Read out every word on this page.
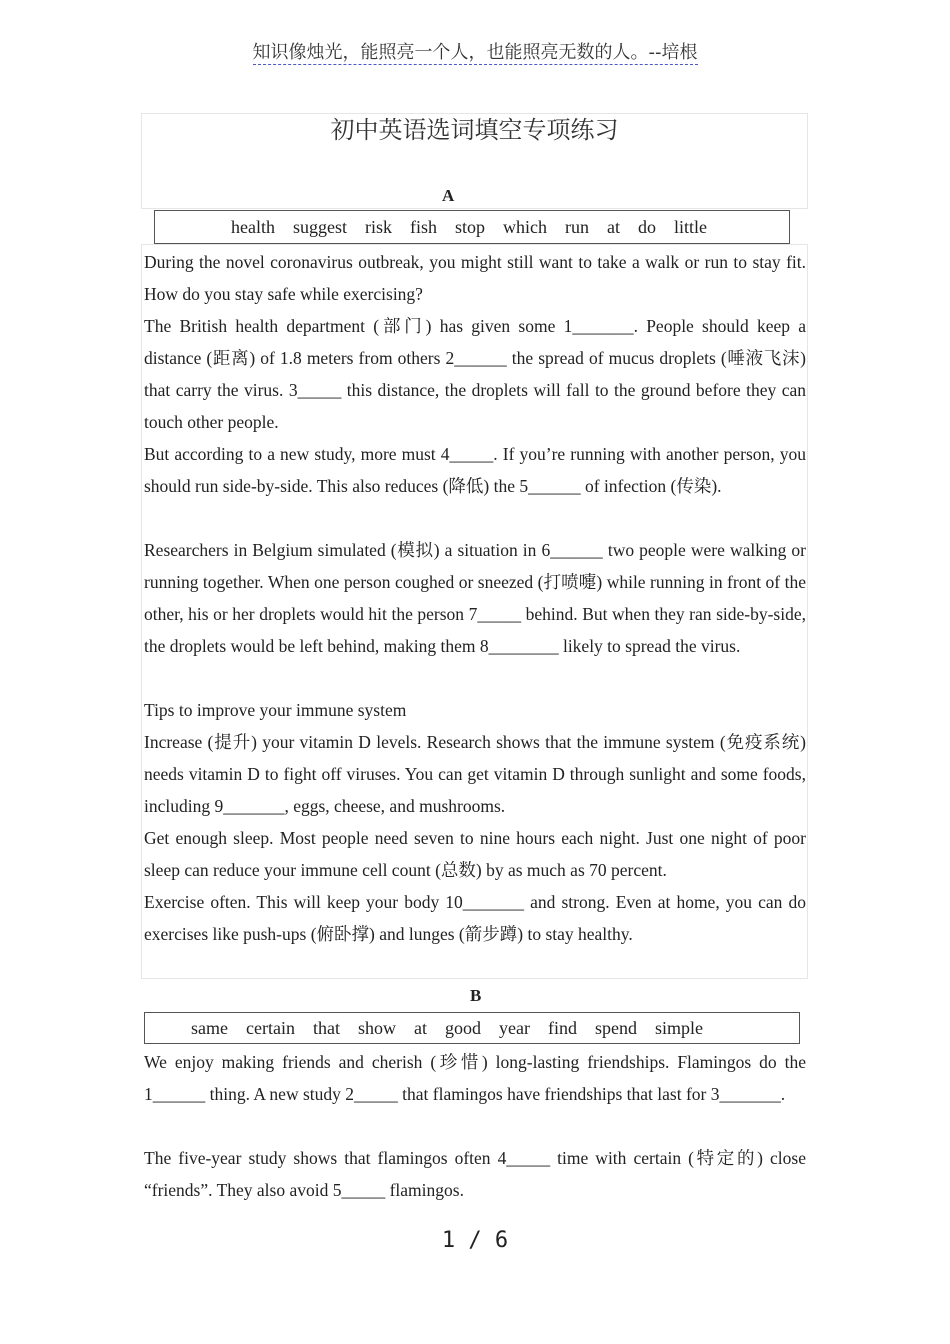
知识像烛光，能照亮一个人，也能照亮无数的人。--培根
初中英语选词填空专项练习
A
health suggest risk fish stop which run at do little
During the novel coronavirus outbreak, you might still want to take a walk or run to stay fit. How do you stay safe while exercising?
The British health department (部门) has given some 1_______. People should keep a distance (距离) of 1.8 meters from others 2______ the spread of mucus droplets (唾液飞沫) that carry the virus. 3_____ this distance, the droplets will fall to the ground before they can touch other people.
But according to a new study, more must 4_____. If you’re running with another person, you should run side-by-side. This also reduces (降低) the 5______ of infection (传染).
Researchers in Belgium simulated (模拟) a situation in 6______ two people were walking or running together. When one person coughed or sneezed (打喷嚏) while running in front of the other, his or her droplets would hit the person 7_____ behind. But when they ran side-by-side, the droplets would be left behind, making them 8________ likely to spread the virus.
Tips to improve your immune system
Increase (提升) your vitamin D levels. Research shows that the immune system (免疫系统) needs vitamin D to fight off viruses. You can get vitamin D through sunlight and some foods, including 9_______, eggs, cheese, and mushrooms.
Get enough sleep. Most people need seven to nine hours each night. Just one night of poor sleep can reduce your immune cell count (总数) by as much as 70 percent.
Exercise often. This will keep your body 10_______ and strong. Even at home, you can do exercises like push-ups (俯卧撑) and lunges (箭步蹲) to stay healthy.
B
same certain that show at good year find spend simple
We enjoy making friends and cherish (珍惜) long-lasting friendships. Flamingos do the 1______ thing. A new study 2_____ that flamingos have friendships that last for 3_______.
The five-year study shows that flamingos often 4_____ time with certain (特定的) close “friends”. They also avoid 5_____ flamingos.
1 / 6
